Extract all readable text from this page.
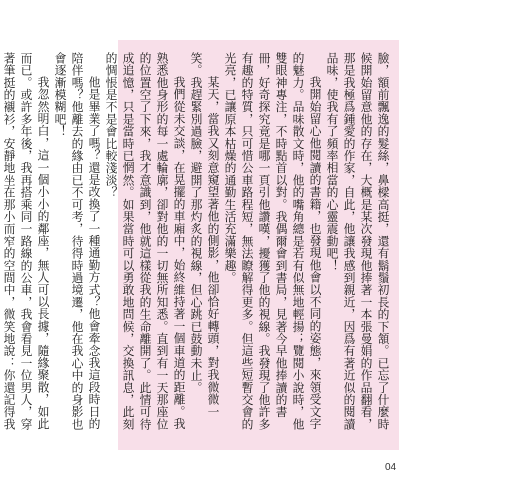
臉，額前飄逸的髮絲，鼻樑高挺，還有鬍鬚初長的下頷。已忘了什麼時候開始留意他的存在，大概是某次發現他捧著一本張曼娟的作品翻看，那是我極爲鍾愛的作家，自此，他讓我感到親近，因爲有著近似的閱讀品味，使我有了頻率相當的心靈震動吧！

我開始留心他閱讀的書籍，也發現他會以不同的姿態，來領受文字的魅力。品味散文時，他的嘴角總是若有似無地輕揚；覽閱小說時，他雙眼神專注，不時點首以對。我偶爾會到書局，見著今早他捧讀的書冊，好奇探究竟是哪一頁引他讚嘆，擾獲了他的視線。我發現了他許多有趣的特質，只可惜公車路程短，無法瞭解得更多。但這些短暫交會的光亮，已讓原本枯燥的通勤生活充滿樂趣。

某天，當我又刻意窺望著他的側影，他卻恰好轉頭，對我微微一笑。我趕緊別過臉，避開了那灼炙的視線，但心跳已鼓動未止。

我們從未交談，在晃擺的車廂中，始終維持著一個車道的距離。我熟悉他身形的每一處輪廓，卻對他的一切無所知悉。直到有一天那座位的位置空了下來，我才意識到，他就這樣從我的生命離開了。此情可待成追憶，只是當時已惘然。如果當時可以勇敢地問候，交換訊息，此刻的惆悵是不是會比較淺淡？

他是畢業了嗎？還是改換了一種通勤方式？他會牽念我這段時日的陪伴嗎？他離去的緣由已不可考，待得時過境遷，他在我心中的身影也會逐漸模糊吧！

我忽然明白，這一個小小的鄰座，無人可以長據，隨緣聚散，如此而已。或許多年後，我再搭乘同一路線的公車，我會看見一位男人，穿著筆挺的襯衫，安靜地坐在那小而窄的空間中，微笑地說：你還記得我

04
